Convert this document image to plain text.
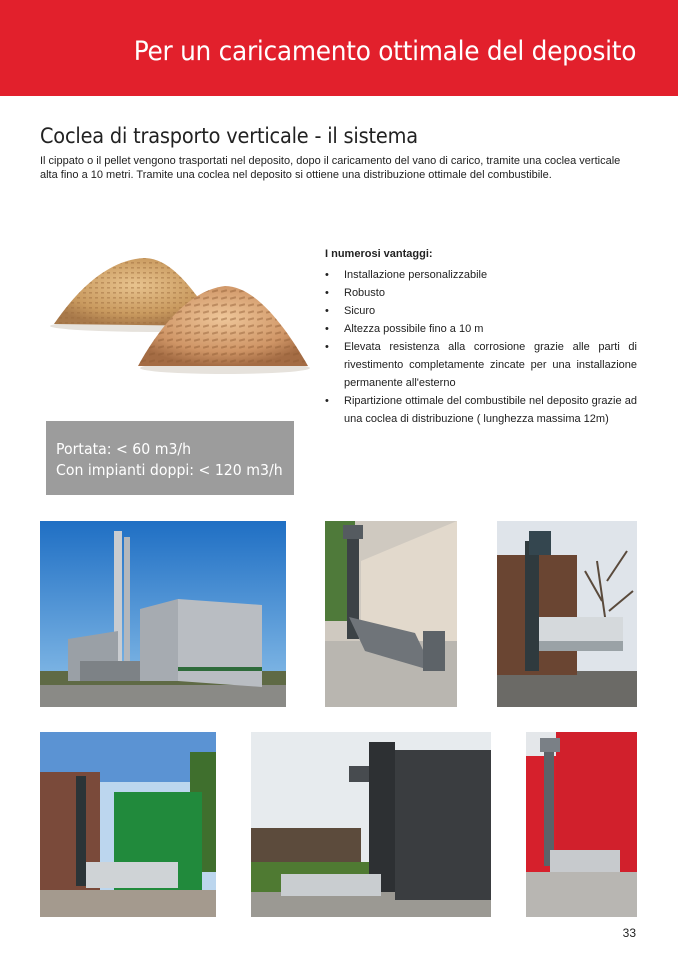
Per un caricamento ottimale del deposito
Coclea di trasporto verticale - il sistema
Il cippato o il pellet vengono trasportati nel deposito, dopo il caricamento del vano di carico, tramite una coclea verticale alta fino a 10 metri. Tramite una coclea nel deposito si ottiene una distribuzione ottimale del combustibile.
I numerosi vantaggi:
• Installazione personalizzabile
• Robusto
• Sicuro
• Altezza possibile fino a 10 m
• Elevata resistenza alla corrosione grazie alle parti di rivestimento completamente zincate per una installazione permanente all'esterno
• Ripartizione ottimale del combustibile nel deposito grazie ad una coclea di distribuzione ( lunghezza massima 12m)
Portata: < 60 m3/h
Con impianti doppi: < 120 m3/h
33
